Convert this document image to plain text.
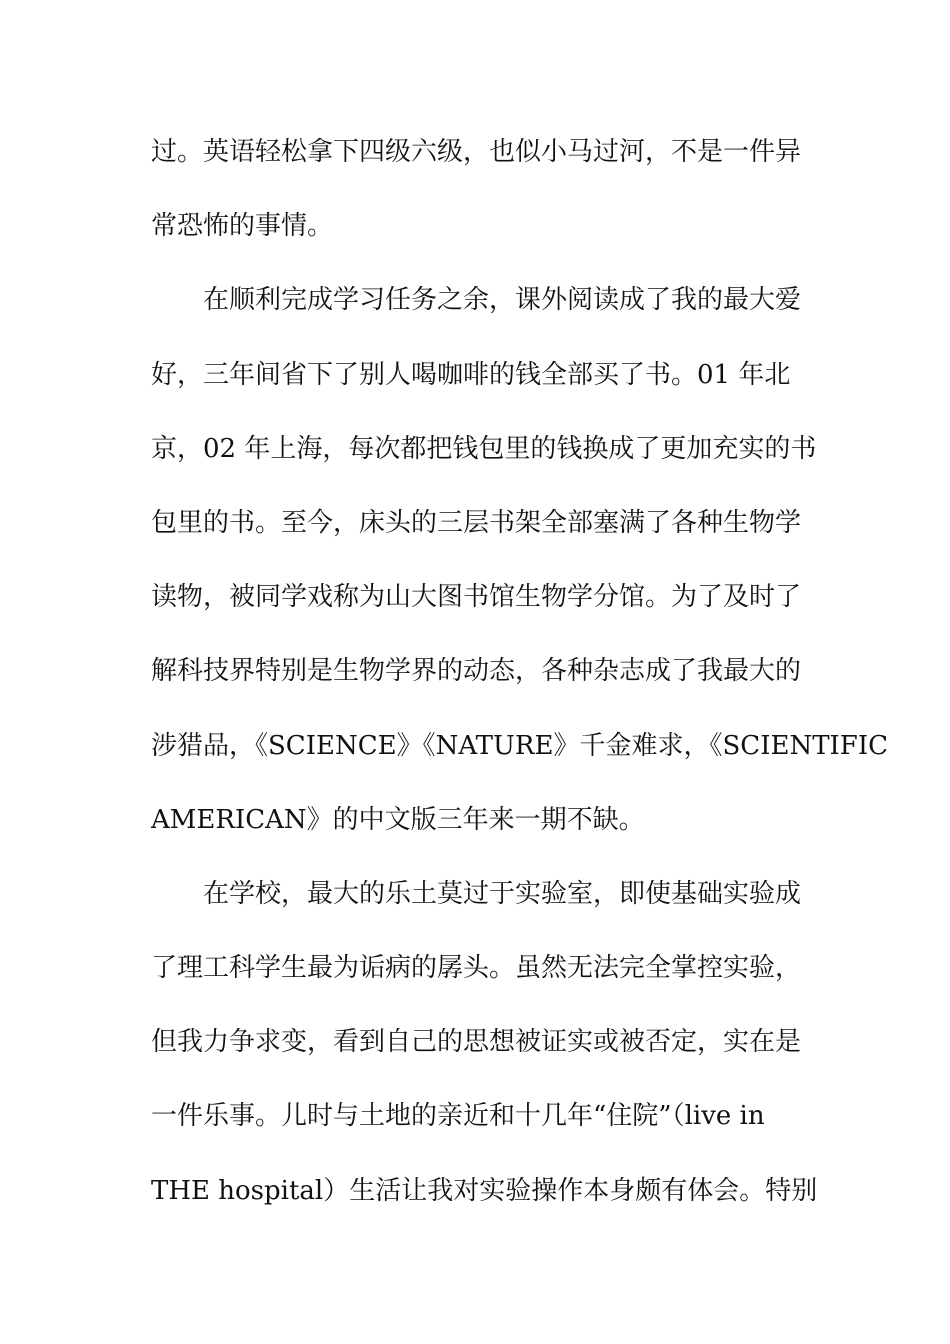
过。英语轻松拿下四级六级，也似小马过河，不是一件异
常恐怖的事情。
在顺利完成学习任务之余，课外阅读成了我的最大爱
好，三年间省下了别人喝咖啡的钱全部买了书。01 年北
京，02 年上海，每次都把钱包里的钱换成了更加充实的书
包里的书。至今，床头的三层书架全部塞满了各种生物学
读物，被同学戏称为山大图书馆生物学分馆。为了及时了
解科技界特别是生物学界的动态，各种杂志成了我最大的
涉猎品，《SCIENCE》《NATURE》千金难求，《SCIENTIFIC
AMERICAN》的中文版三年来一期不缺。
在学校，最大的乐土莫过于实验室，即使基础实验成
了理工科学生最为诟病的孱头。虽然无法完全掌控实验，
但我力争求变，看到自己的思想被证实或被否定，实在是
一件乐事。儿时与土地的亲近和十几年“住院”（live in
THE hospital）生活让我对实验操作本身颇有体会。特别
